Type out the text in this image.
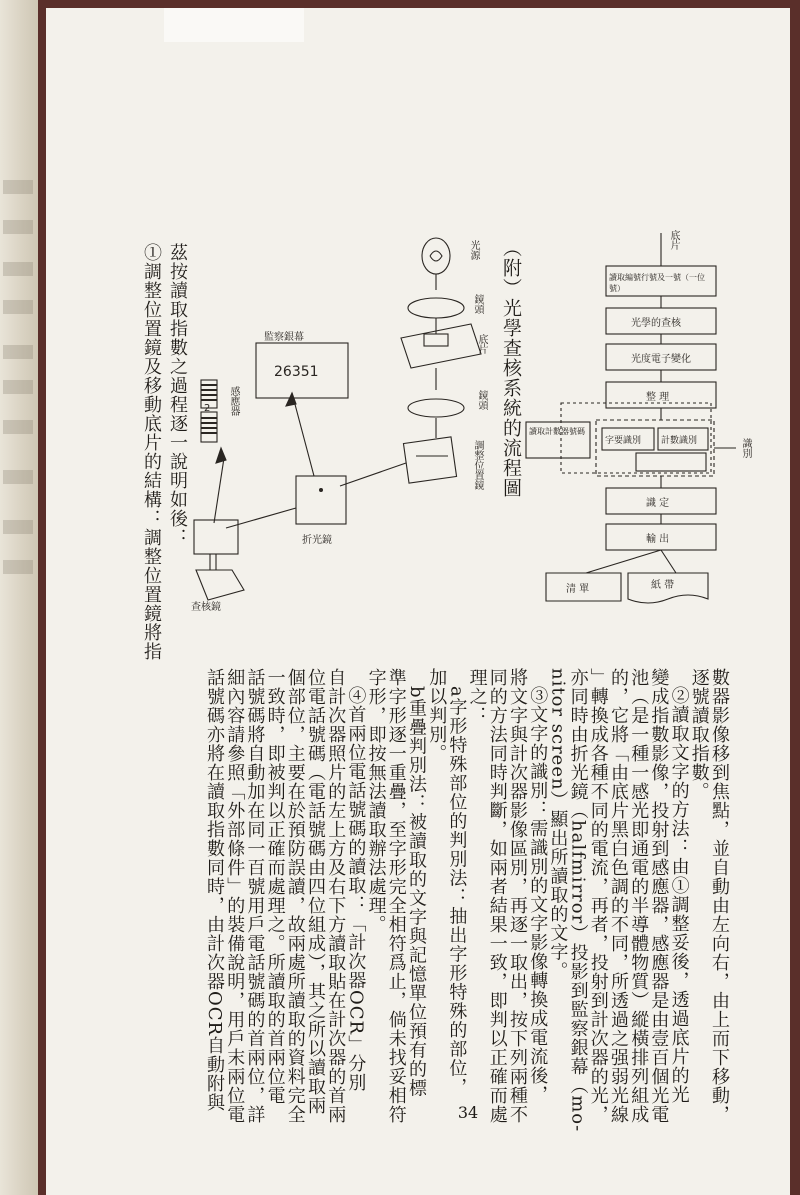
底片
讀取編號行號及一號（一位號）
光學的查核
光度電子變化
整 理
字要識別 計數識別
讀取計數器號碼
識 定
輸 出
清 單	紙 帶
識別
光源
鏡頭
底片
鏡頭
調整位置鏡
折光鏡
監察銀幕
26351
感應器
2
查核鏡
（附）光學查核系統的流程圖
茲按讀取指數之過程逐一說明如後：
①調整位置鏡及移動底片的結構：調整位置鏡將指
數器影像移到焦點，並自動由左向右，由上而下移動，
逐號讀取指數。
②讀取文字的方法：由①調整妥後，透過底片的光
變成指數影像，投射到感應器，感應器是由壹百個光電
池（是一種一感光即通電的半導體物質）縱橫排列組成
的，它將「由底片黑白色調的不同，所透過之强弱光線
」轉換成各種不同的電流，再者，投射到計次器的光，
亦同時由折光鏡（halfmirror）投影到監察銀幕（mo-
nitor screen）顯出所讀取的文字。
③文字的識別：需識別的文字影像轉換成電流後，
將文字與計次器影像區別，再逐一取出，按下列兩種不
同的方法同時判斷，如兩者結果一致，即判以正確而處
理之：
a字形特殊部位的判別法：抽出字形特殊的部位，
加以判別。
b重疊判別法：被讀取的文字與記憶單位預有的標
準字形逐一重疊，至字形完全相符爲止，倘未找妥相符
字形，即按無法讀取辦法處理。
④首兩位電話號碼的讀取：「計次器OCR」分別
自計次器照片的左上方及右下方讀取貼在計次器的首兩
位電話號碼（電話號碼由四位組成），其之所以讀取兩
個部位，主要在於預防誤讀，故兩處所讀取的資料完全
一致時，即被判以正確而處理之。所讀取的首兩位電
話號碼將自動加在同一百號用戶電話號碼的首兩位，詳
細內容請參照「外部條件」的裝備說明，用戶末兩位電
話號碼亦將在讀取指數同時，由計次器OCR自動附與
34
